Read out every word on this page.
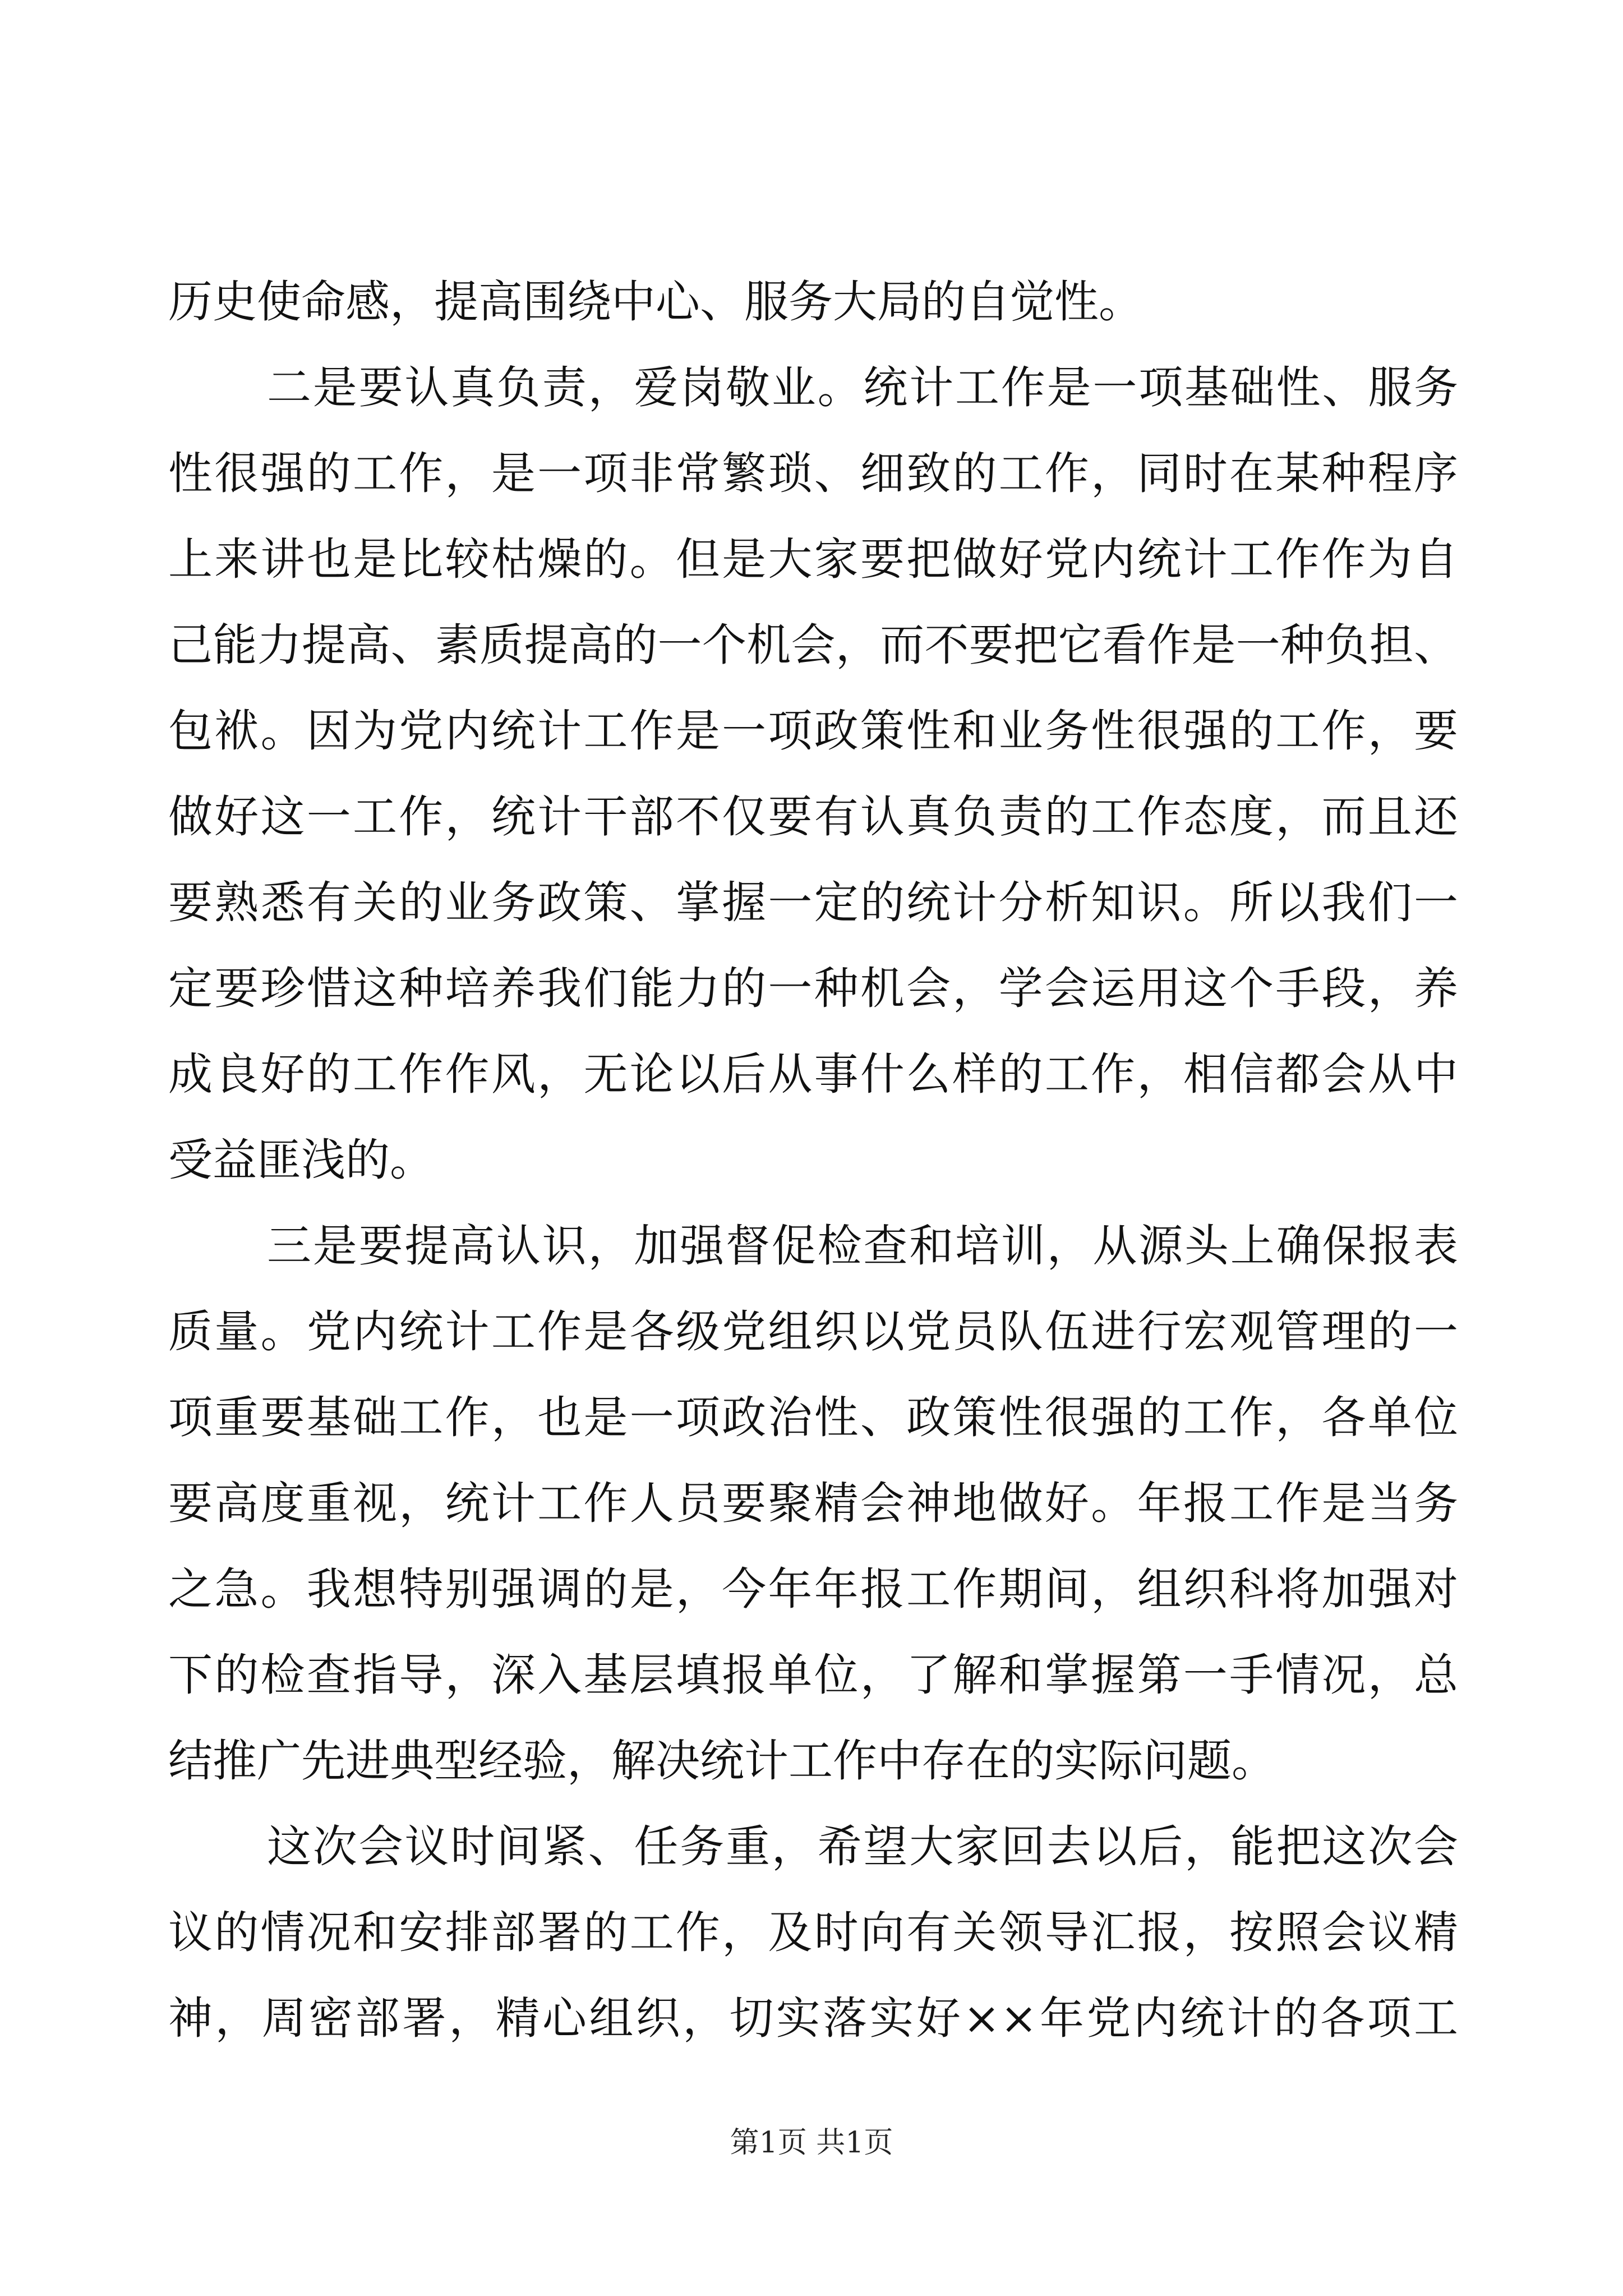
历史使命感，提高围绕中心、服务大局的自觉性。
二是要认真负责，爱岗敬业。统计工作是一项基础性、服务
性很强的工作，是一项非常繁琐、细致的工作，同时在某种程序
上来讲也是比较枯燥的。但是大家要把做好党内统计工作作为自
己能力提高、素质提高的一个机会，而不要把它看作是一种负担、
包袱。因为党内统计工作是一项政策性和业务性很强的工作，要
做好这一工作，统计干部不仅要有认真负责的工作态度，而且还
要熟悉有关的业务政策、掌握一定的统计分析知识。所以我们一
定要珍惜这种培养我们能力的一种机会，学会运用这个手段，养
成良好的工作作风，无论以后从事什么样的工作，相信都会从中
受益匪浅的。
三是要提高认识，加强督促检查和培训，从源头上确保报表
质量。党内统计工作是各级党组织以党员队伍进行宏观管理的一
项重要基础工作，也是一项政治性、政策性很强的工作，各单位
要高度重视，统计工作人员要聚精会神地做好。年报工作是当务
之急。我想特别强调的是，今年年报工作期间，组织科将加强对
下的检查指导，深入基层填报单位，了解和掌握第一手情况，总
结推广先进典型经验，解决统计工作中存在的实际问题。
这次会议时间紧、任务重，希望大家回去以后，能把这次会
议的情况和安排部署的工作，及时向有关领导汇报，按照会议精
神，周密部署，精心组织，切实落实好××年党内统计的各项工
第1页 共1页
